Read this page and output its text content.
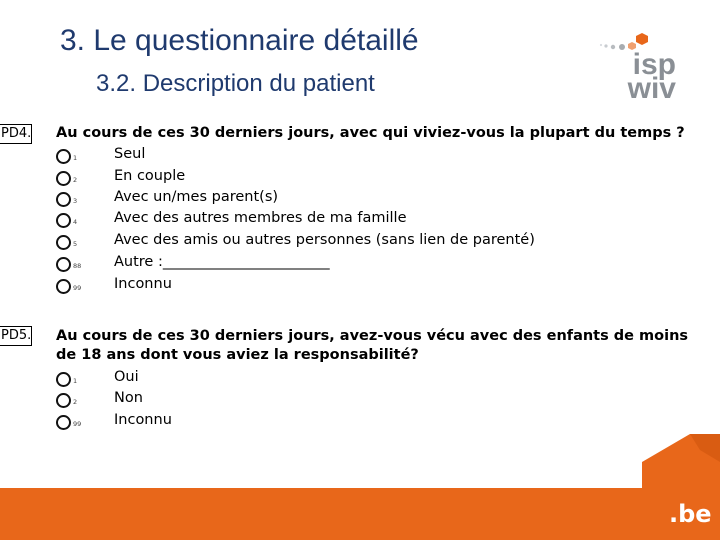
3. Le questionnaire détaillé
3.2. Description du patient
isp
wiv
PD4. Au cours de ces 30 derniers jours, avec qui viviez-vous la plupart du temps ?
1	Seul
2	En couple
3	Avec un/mes parent(s)
4	Avec des autres membres de ma famille
5	Avec des amis ou autres personnes (sans lien de parenté)
88 Autre :_______________________
99 Inconnu
PD5. Au cours de ces 30 derniers jours, avez-vous vécu avec des enfants de moins de 18 ans dont vous aviez la responsabilité?
1	Oui
2	Non
99 Inconnu
.be
